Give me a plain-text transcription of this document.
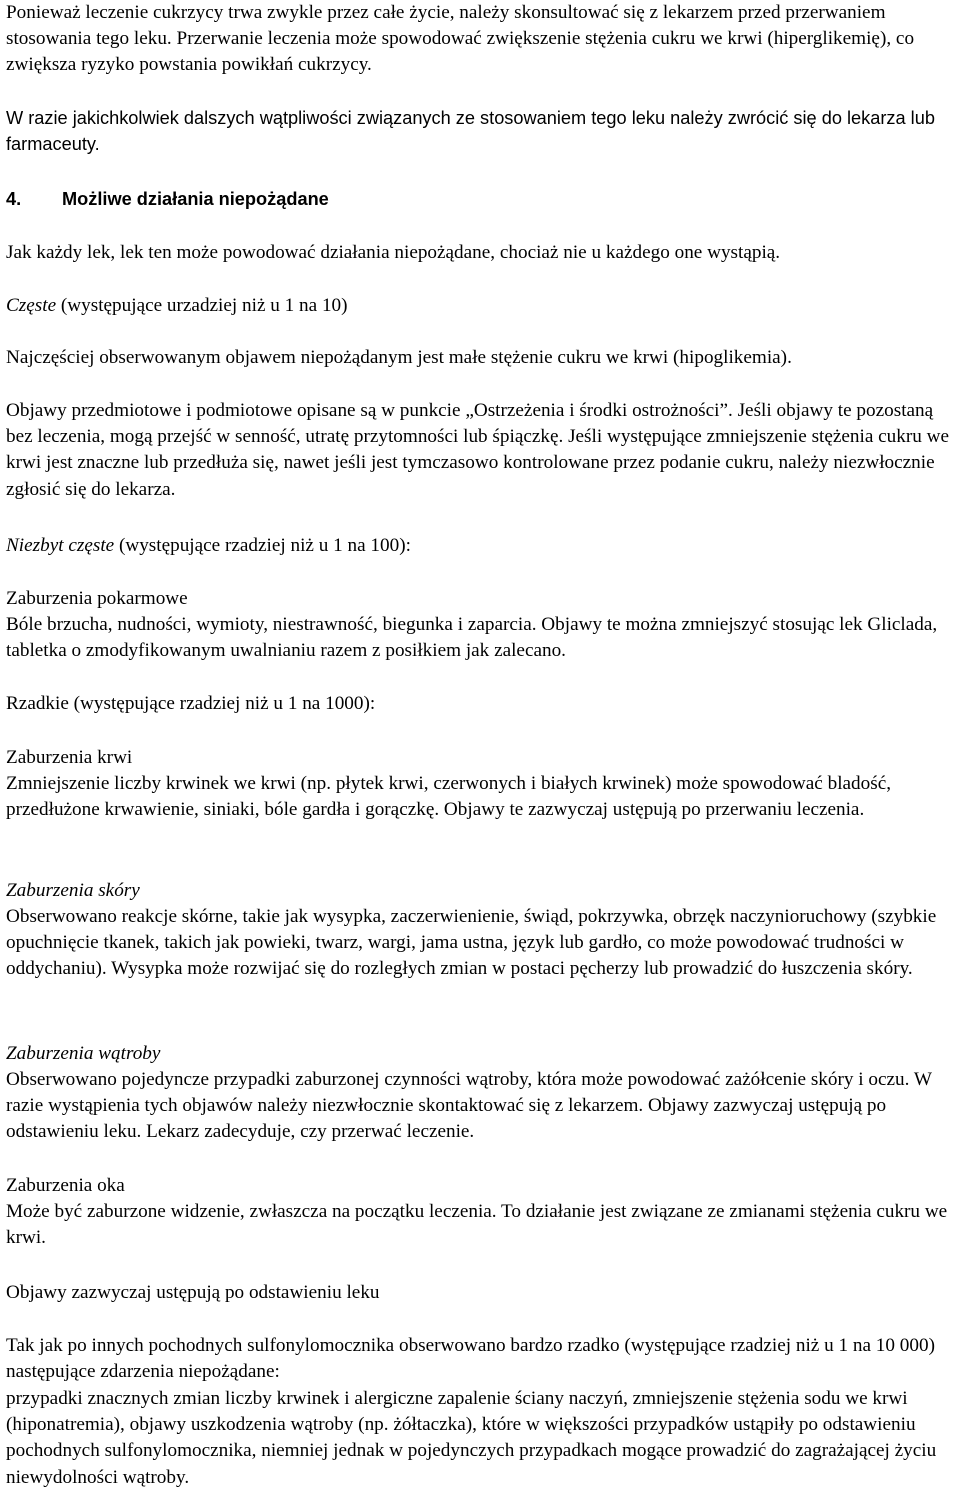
Ponieważ leczenie cukrzycy trwa zwykle przez całe życie, należy skonsultować się z lekarzem przed przerwaniem stosowania tego leku. Przerwanie leczenia może spowodować zwiększenie stężenia cukru we krwi (hiperglikemię), co zwiększa ryzyko powstania powikłań cukrzycy.

W razie jakichkolwiek dalszych wątpliwości związanych ze stosowaniem tego leku należy zwrócić się do lekarza lub farmaceuty.

4. Możliwe działania niepożądane

Jak każdy lek, lek ten może powodować działania niepożądane, chociaż nie u każdego one wystąpią.

Częste (występujące urzadziej niż u 1 na 10)

Najczęściej obserwowanym objawem niepożądanym jest małe stężenie cukru we krwi (hipoglikemia).

Objawy przedmiotowe i podmiotowe opisane są w punkcie „Ostrzeżenia i środki ostrożności”. Jeśli objawy te pozostaną bez leczenia, mogą przejść w senność, utratę przytomności lub śpiączkę. Jeśli występujące zmniejszenie stężenia cukru we krwi jest znaczne lub przedłuża się, nawet jeśli jest tymczasowo kontrolowane przez podanie cukru, należy niezwłocznie zgłosić się do lekarza.

Niezbyt częste (występujące rzadziej niż u 1 na 100):

Zaburzenia pokarmowe

Bóle brzucha, nudności, wymioty, niestrawność, biegunka i zaparcia. Objawy te można zmniejszyć stosując lek Gliclada, tabletka o zmodyfikowanym uwalnianiu razem z posiłkiem jak zalecano.

Rzadkie (występujące rzadziej niż u 1 na 1000):

Zaburzenia krwi

Zmniejszenie liczby krwinek we krwi (np. płytek krwi, czerwonych i białych krwinek) może spowodować bladość, przedłużone krwawienie, siniaki, bóle gardła i gorączkę. Objawy te zazwyczaj ustępują po przerwaniu leczenia.

Zaburzenia skóry

Obserwowano reakcje skórne, takie jak wysypka, zaczerwienienie, świąd, pokrzywka, obrzęk naczynioruchowy (szybkie opuchnięcie tkanek, takich jak powieki, twarz, wargi, jama ustna, język lub gardło, co może powodować trudności w oddychaniu). Wysypka może rozwijać się do rozległych zmian w postaci pęcherzy lub prowadzić do łuszczenia skóry.

Zaburzenia wątroby

Obserwowano pojedyncze przypadki zaburzonej czynności wątroby, która może powodować zażółcenie skóry i oczu. W razie wystąpienia tych objawów należy niezwłocznie skontaktować się z lekarzem. Objawy zazwyczaj ustępują po odstawieniu leku. Lekarz zadecyduje, czy przerwać leczenie.

Zaburzenia oka

Może być zaburzone widzenie, zwłaszcza na początku leczenia. To działanie jest związane ze zmianami stężenia cukru we krwi.

Objawy zazwyczaj ustępują po odstawieniu leku

Tak jak po innych pochodnych sulfonylomocznika obserwowano bardzo rzadko (występujące rzadziej niż u 1 na 10 000) następujące zdarzenia niepożądane:

przypadki znacznych zmian liczby krwinek i alergiczne zapalenie ściany naczyń, zmniejszenie stężenia sodu we krwi (hiponatremia), objawy uszkodzenia wątroby (np. żółtaczka), które w większości przypadków ustąpiły po odstawieniu pochodnych sulfonylomocznika, niemniej jednak w pojedynczych przypadkach mogące prowadzić do zagrażającej życiu niewydolności wątroby.
